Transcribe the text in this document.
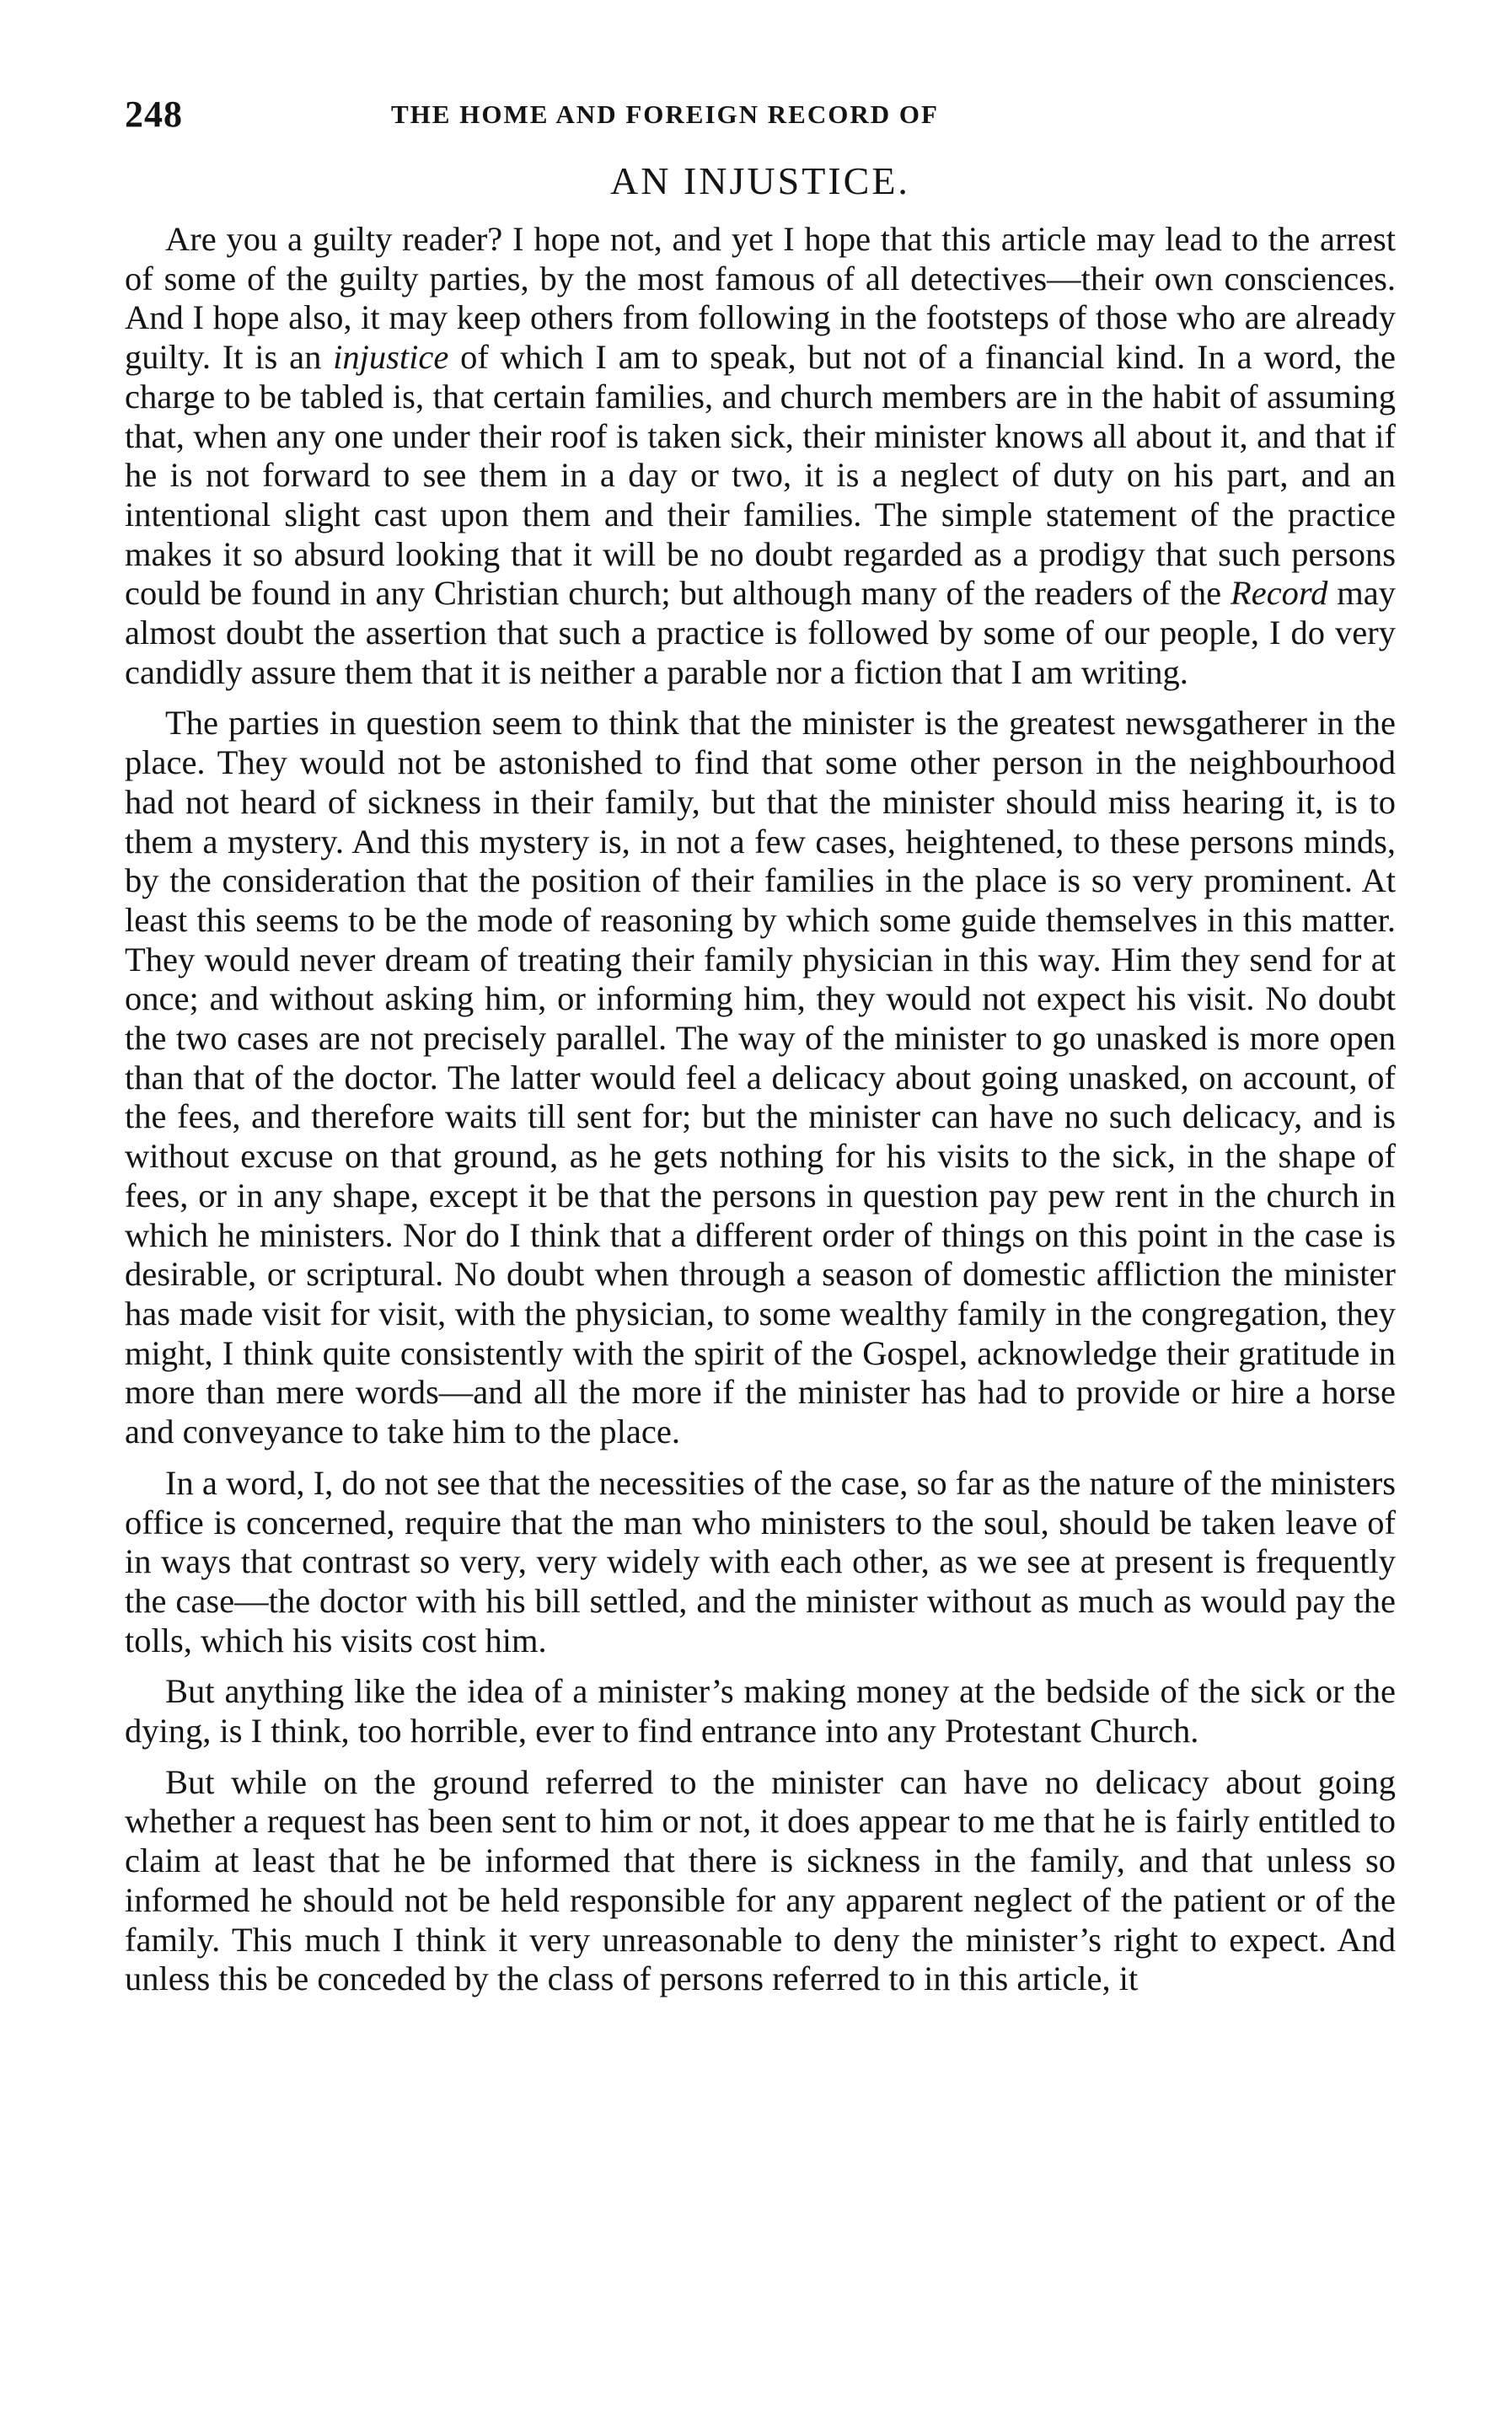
248	THE HOME AND FOREIGN RECORD OF
AN INJUSTICE.

Are you a guilty reader? I hope not, and yet I hope that this article may lead to the arrest of some of the guilty parties, by the most famous of all detectives—their own consciences. And I hope also, it may keep others from following in the footsteps of those who are already guilty. It is an injustice of which I am to speak, but not of a financial kind. In a word, the charge to be tabled is, that certain families, and church members are in the habit of assuming that, when any one under their roof is taken sick, their minister knows all about it, and that if he is not forward to see them in a day or two, it is a neglect of duty on his part, and an intentional slight cast upon them and their families. The simple statement of the practice makes it so absurd looking that it will be no doubt regarded as a prodigy that such persons could be found in any Christian church; but although many of the readers of the Record may almost doubt the assertion that such a practice is followed by some of our people, I do very candidly assure them that it is neither a parable nor a fiction that I am writing.

The parties in question seem to think that the minister is the greatest newsgatherer in the place. They would not be astonished to find that some other person in the neighbourhood had not heard of sickness in their family, but that the minister should miss hearing it, is to them a mystery. And this mystery is, in not a few cases, heightened, to these persons minds, by the consideration that the position of their families in the place is so very prominent. At least this seems to be the mode of reasoning by which some guide themselves in this matter. They would never dream of treating their family physician in this way. Him they send for at once; and without asking him, or informing him, they would not expect his visit. No doubt the two cases are not precisely parallel. The way of the minister to go unasked is more open than that of the doctor. The latter would feel a delicacy about going unasked, on account, of the fees, and therefore waits till sent for; but the minister can have no such delicacy, and is without excuse on that ground, as he gets nothing for his visits to the sick, in the shape of fees, or in any shape, except it be that the persons in question pay pew rent in the church in which he ministers. Nor do I think that a different order of things on this point in the case is desirable, or scriptural. No doubt when through a season of domestic affliction the minister has made visit for visit, with the physician, to some wealthy family in the congregation, they might, I think quite consistently with the spirit of the Gospel, acknowledge their gratitude in more than mere words—and all the more if the minister has had to provide or hire a horse and conveyance to take him to the place.

In a word, I, do not see that the necessities of the case, so far as the nature of the ministers office is concerned, require that the man who ministers to the soul, should be taken leave of in ways that contrast so very, very widely with each other, as we see at present is frequently the case—the doctor with his bill settled, and the minister without as much as would pay the tolls, which his visits cost him.

But anything like the idea of a minister’s making money at the bedside of the sick or the dying, is I think, too horrible, ever to find entrance into any Protestant Church.

But while on the ground referred to the minister can have no delicacy about going whether a request has been sent to him or not, it does appear to me that he is fairly entitled to claim at least that he be informed that there is sickness in the family, and that unless so informed he should not be held responsible for any apparent neglect of the patient or of the family. This much I think it very unreasonable to deny the minister’s right to expect. And unless this be conceded by the class of persons referred to in this article, it
